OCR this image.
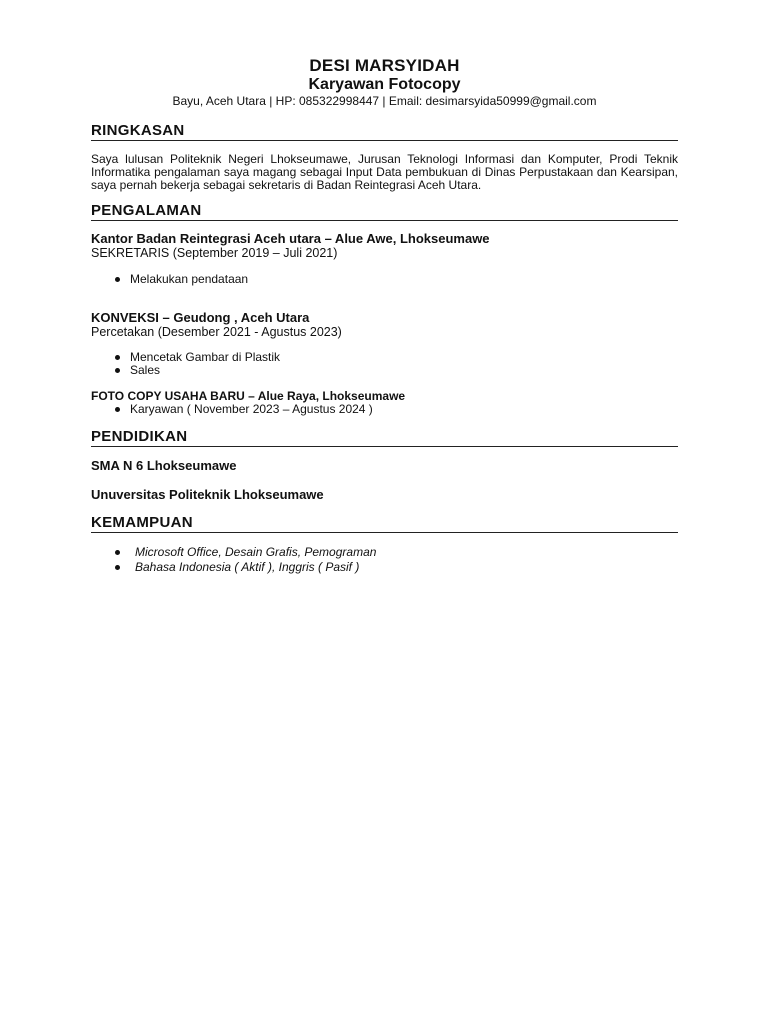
DESI MARSYIDAH
Karyawan Fotocopy
Bayu, Aceh Utara | HP: 085322998447 | Email: desimarsyida50999@gmail.com
RINGKASAN
Saya lulusan Politeknik Negeri Lhokseumawe, Jurusan Teknologi Informasi dan Komputer, Prodi Teknik Informatika pengalaman saya magang sebagai Input Data pembukuan di Dinas Perpustakaan dan Kearsipan, saya pernah bekerja sebagai sekretaris di Badan Reintegrasi Aceh Utara.
PENGALAMAN
Kantor Badan Reintegrasi Aceh utara – Alue Awe, Lhokseumawe
SEKRETARIS (September 2019 – Juli 2021)
Melakukan pendataan
KONVEKSI – Geudong , Aceh Utara
Percetakan (Desember 2021 - Agustus 2023)
Mencetak Gambar di Plastik
Sales
FOTO COPY USAHA BARU – Alue Raya, Lhokseumawe
Karyawan ( November 2023 – Agustus 2024 )
PENDIDIKAN
SMA N 6 Lhokseumawe
Unuversitas Politeknik Lhokseumawe
KEMAMPUAN
Microsoft Office, Desain Grafis, Pemograman
Bahasa Indonesia ( Aktif ), Inggris ( Pasif )
